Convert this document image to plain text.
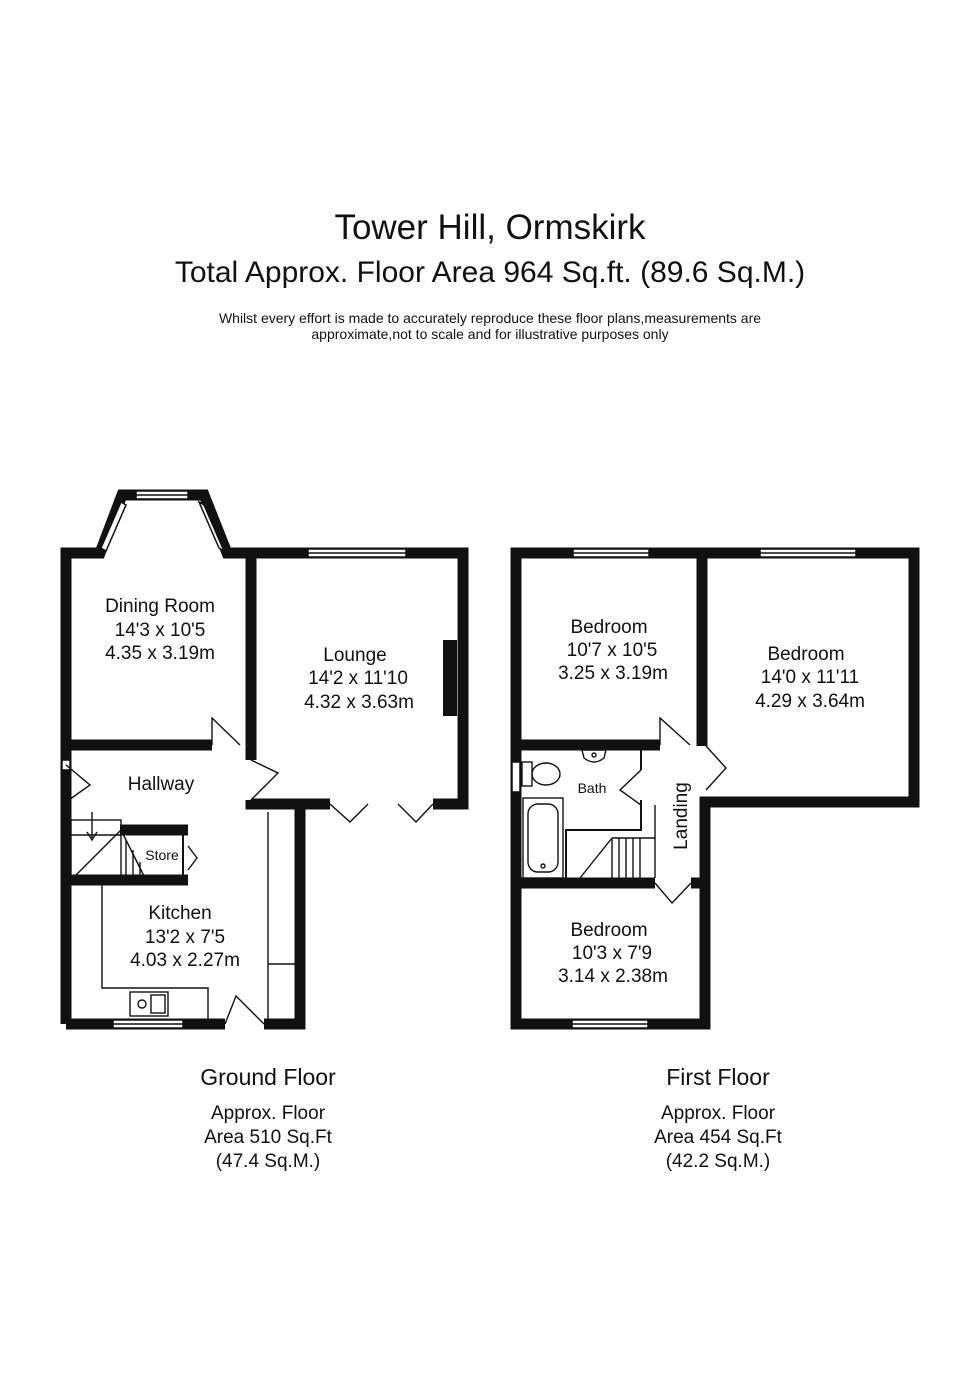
Tower Hill, Ormskirk
Total Approx. Floor Area 964 Sq.ft. (89.6 Sq.M.)
Whilst every effort is made to accurately reproduce these floor plans,measurements are
approximate,not to scale and for illustrative purposes only
Dining Room
14'3 x 10'5
4.35 x 3.19m	Lounge
14'2 x 11'10
4.32 x 3.63m
Hallway
Store
Kitchen
13'2 x 7'5
4.03 x 2.27m
Bedroom
10'7 x 10'5
3.25 x 3.19m
Bedroom
14'0 x 11'11
4.29 x 3.64m
Bath	Landing
Bedroom
10'3 x 7'9
3.14 x 2.38m
Ground Floor
Approx. Floor
Area 510 Sq.Ft
(47.4 Sq.M.)
First Floor
Approx. Floor
Area 454 Sq.Ft
(42.2 Sq.M.)
